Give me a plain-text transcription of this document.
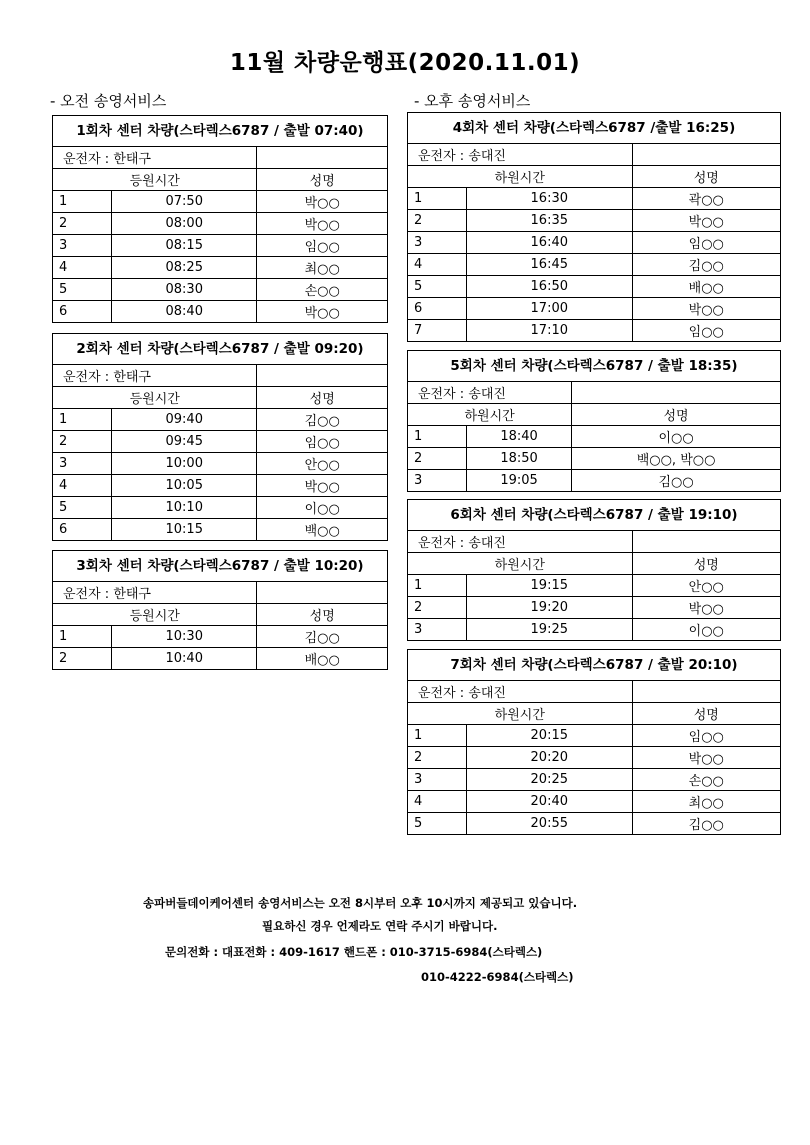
11월 차량운행표(2020.11.01)
- 오전 송영서비스	- 오후 송영서비스
1회차 센터 차량(스타렉스6787 / 출발 07:40)
운전자 : 한태구		
등원시간		성명
1	07:50	박○○
2	08:00	박○○
3	08:15	임○○
4	08:25	최○○
5	08:30	손○○
6	08:40	박○○
2회차 센터 차량(스타렉스6787 / 출발 09:20)
운전자 : 한태구		
등원시간		성명
1	09:40	김○○
2	09:45	임○○
3	10:00	안○○
4	10:05	박○○
5	10:10	이○○
6	10:15	백○○
3회차 센터 차량(스타렉스6787 / 출발 10:20)
운전자 : 한태구		
등원시간		성명
1	10:30	김○○
2	10:40	배○○
4회차 센터 차량(스타렉스6787 /출발 16:25)
운전자 : 송대진		
하원시간		성명
1	16:30	곽○○
2	16:35	박○○
3	16:40	임○○
4	16:45	김○○
5	16:50	배○○
6	17:00	박○○
7	17:10	임○○
5회차 센터 차량(스타렉스6787 / 출발 18:35)
운전자 : 송대진		
하원시간		성명
1	18:40	이○○
2	18:50	백○○, 박○○
3	19:05	김○○
6회차 센터 차량(스타렉스6787 / 출발 19:10)
운전자 : 송대진		
하원시간		성명
1	19:15	안○○
2	19:20	박○○
3	19:25	이○○
7회차 센터 차량(스타렉스6787 / 출발 20:10)
운전자 : 송대진		
하원시간		성명
1	20:15	임○○
2	20:20	박○○
3	20:25	손○○
4	20:40	최○○
5	20:55	김○○
송파버들데이케어센터 송영서비스는 오전 8시부터 오후 10시까지 제공되고 있습니다.
필요하신 경우 언제라도 연락 주시기 바랍니다.
문의전화 : 대표전화 : 409-1617 핸드폰 : 010-3715-6984(스타렉스)
010-4222-6984(스타렉스)
